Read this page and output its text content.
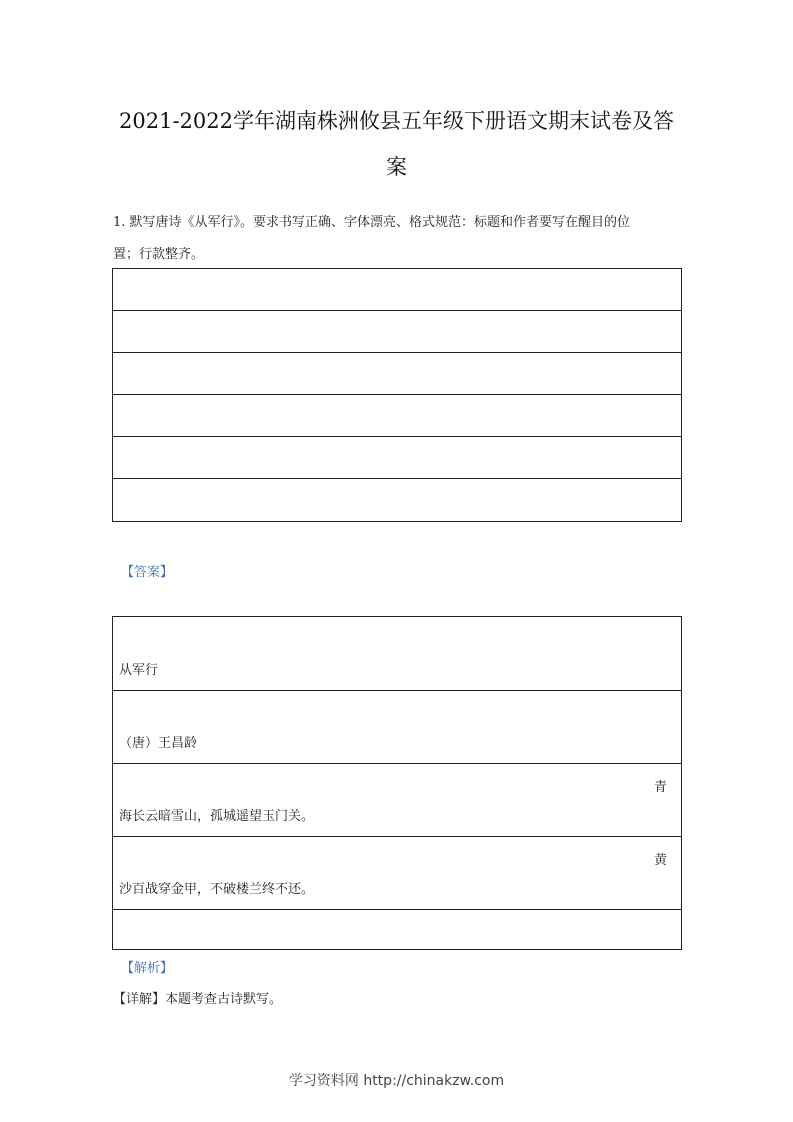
2021-2022学年湖南株洲攸县五年级下册语文期末试卷及答
案
1. 默写唐诗《从军行》。要求书写正确、字体漂亮、格式规范：标题和作者要写在醒目的位
置；行款整齐。
【答案】
从军行
（唐）王昌龄
青
海长云暗雪山，孤城遥望玉门关。
黄
沙百战穿金甲，不破楼兰终不还。
【解析】
【详解】本题考查古诗默写。
学习资料网 http://chinakzw.com
